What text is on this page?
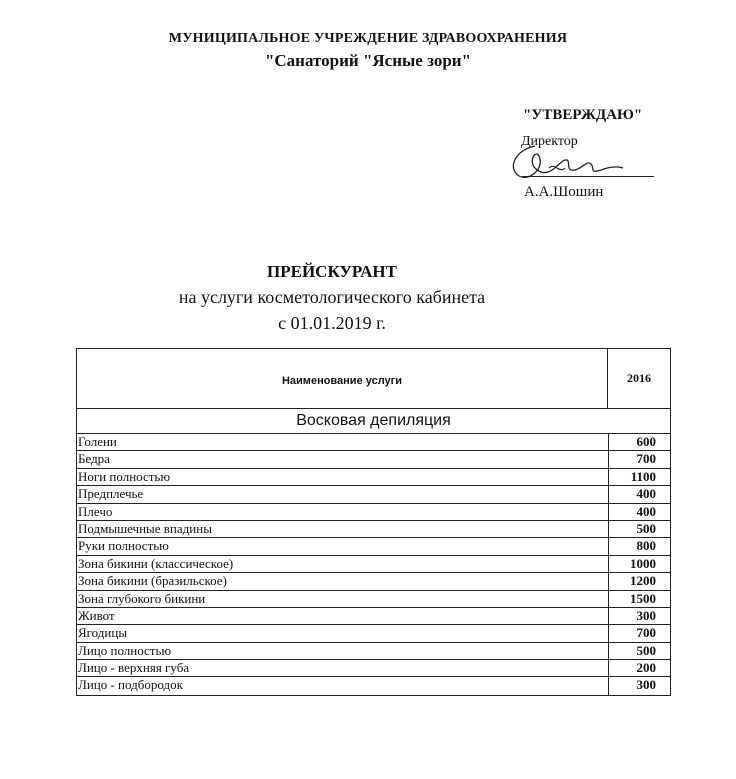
МУНИЦИПАЛЬНОЕ УЧРЕЖДЕНИЕ ЗДРАВООХРАНЕНИЯ
"Санаторий "Ясные зори"
"УТВЕРЖДАЮ"
Директор
А.А.Шошин
ПРЕЙСКУРАНТ
на услуги косметологического кабинета
с 01.01.2019 г.
Наименование услуги	2016
Восковая депиляция
Голени	600
Бедра	700
Ноги полностью	1100
Предплечье	400
Плечо	400
Подмышечные впадины	500
Руки полностью	800
Зона бикини (классическое)	1000
Зона бикини (бразильское)	1200
Зона глубокого бикини	1500
Живот	300
Ягодицы	700
Лицо полностью	500
Лицо - верхняя губа	200
Лицо - подбородок	300
